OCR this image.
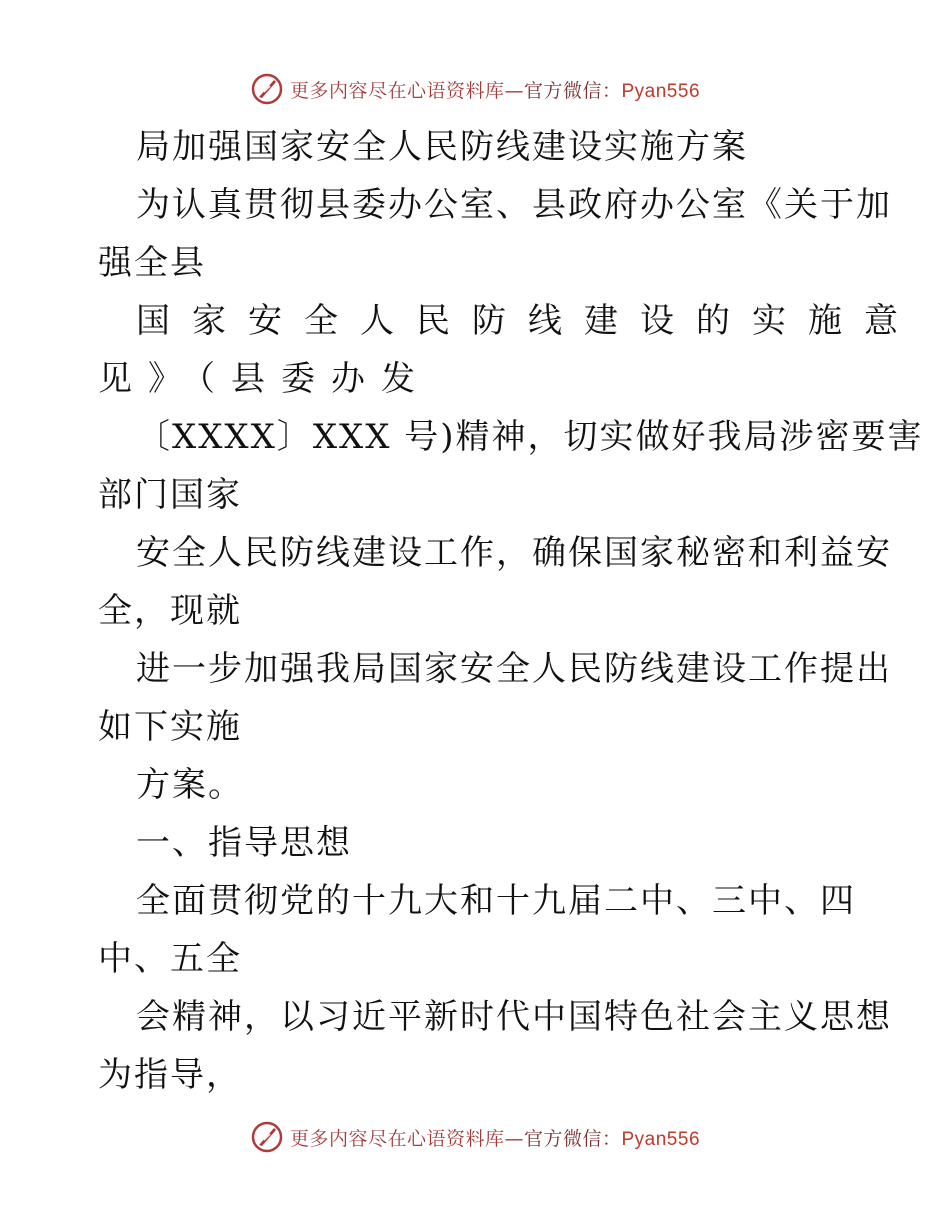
更多内容尽在心语资料库—官方微信：Pyan556
局加强国家安全人民防线建设实施方案
为认真贯彻县委办公室、县政府办公室《关于加
强全县
国家安全人民防线建设的实施意
见》（县委办发
〔XXXX〕XXX 号)精神，切实做好我局涉密要害
部门国家
安全人民防线建设工作，确保国家秘密和利益安
全，现就
进一步加强我局国家安全人民防线建设工作提出
如下实施
方案。
一、指导思想
全面贯彻党的十九大和十九届二中、三中、四
中、五全
会精神，以习近平新时代中国特色社会主义思想
为指导，
更多内容尽在心语资料库—官方微信：Pyan556
